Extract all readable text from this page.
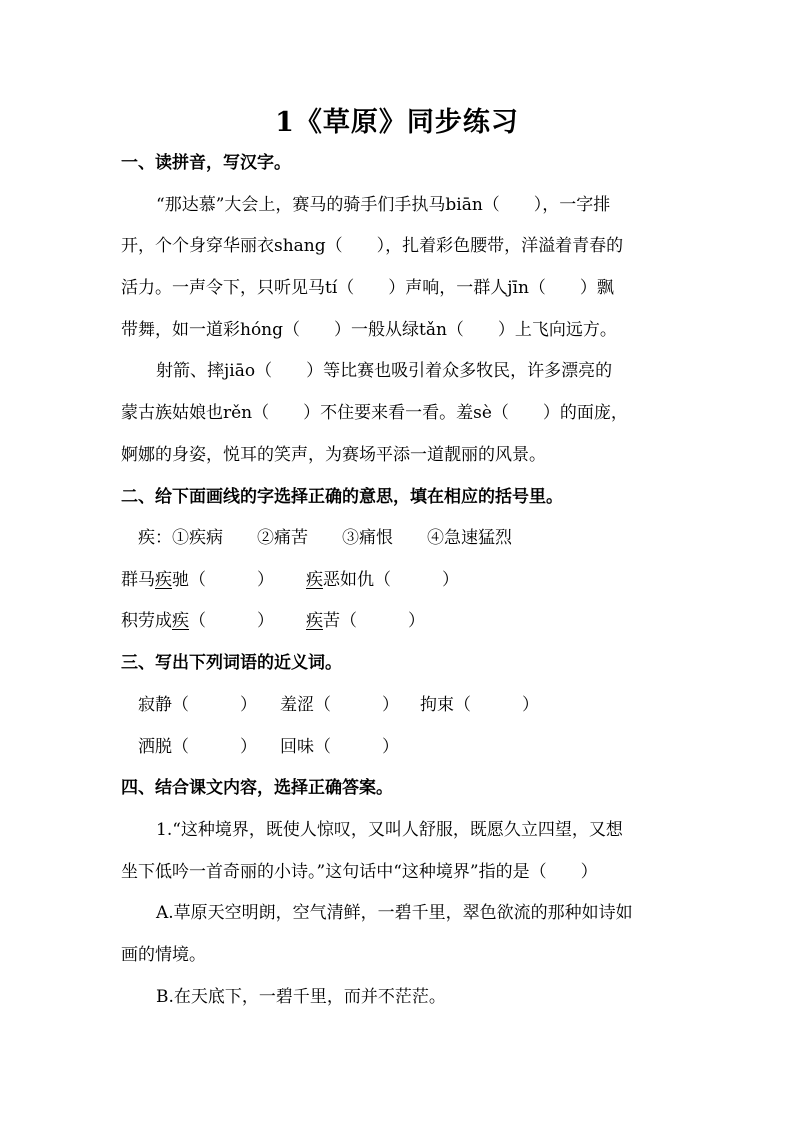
1《草原》同步练习
一、读拼音，写汉字。
“那达慕”大会上，赛马的骑手们手执马biān（　　），一字排
开，个个身穿华丽衣shang（　　），扎着彩色腰带，洋溢着青春的
活力。一声令下，只听见马tí（　　）声响，一群人jīn（　　）飘
带舞，如一道彩hóng（　　）一般从绿tǎn（　　）上飞向远方。
射箭、摔jiāo（　　）等比赛也吸引着众多牧民，许多漂亮的
蒙古族姑娘也rěn（　　）不住要来看一看。羞sè（　　）的面庞，
婀娜的身姿，悦耳的笑声，为赛场平添一道靓丽的风景。
二、给下面画线的字选择正确的意思，填在相应的括号里。
疾：①疾病　　②痛苦　　③痛恨　　④急速猛烈
群马疾驰（　　　） 疾恶如仇（　　　）
积劳成疾（　　　） 疾苦（　　　）
三、写出下列词语的近义词。
寂静（　　　） 羞涩（　　　） 拘束（　　　）
洒脱（　　　） 回味（　　　）
四、结合课文内容，选择正确答案。
1.“这种境界，既使人惊叹，又叫人舒服，既愿久立四望，又想
坐下低吟一首奇丽的小诗。”这句话中“这种境界”指的是（　　）
A.草原天空明朗，空气清鲜，一碧千里，翠色欲流的那种如诗如
画的情境。
B.在天底下，一碧千里，而并不茫茫。
